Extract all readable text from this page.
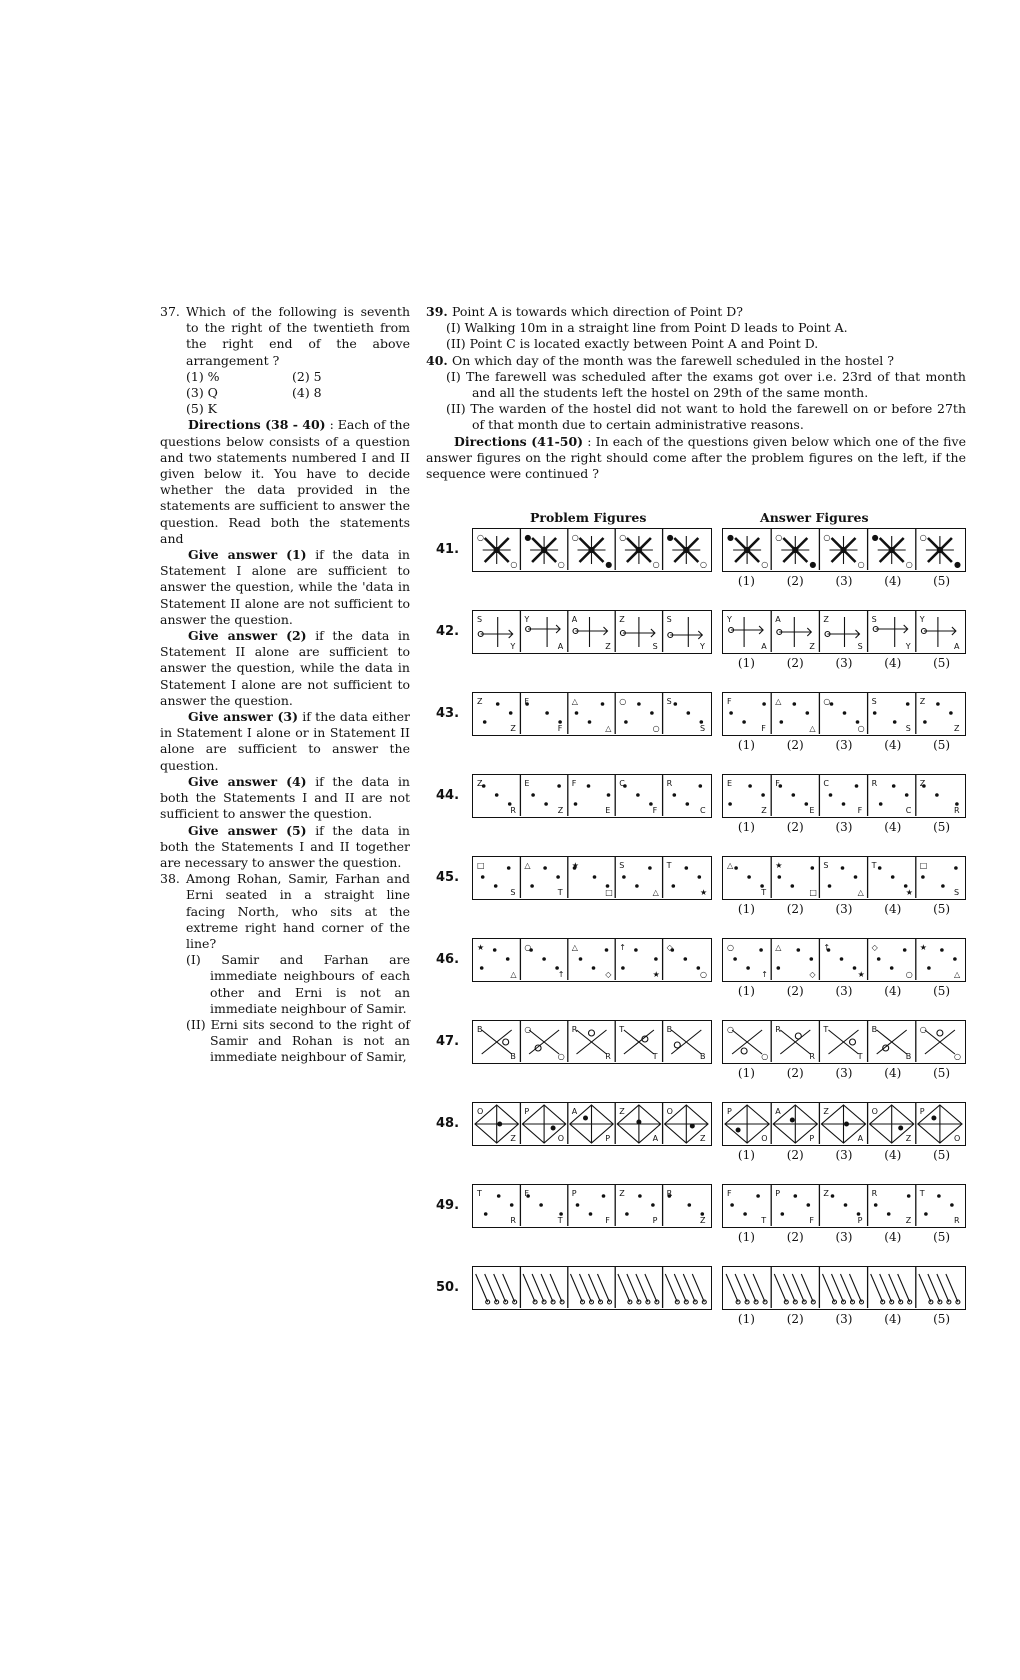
37. Which of the following is seventh to the right of the twentieth from the right end of the above arrangement ?
(1) %	(2) 5
(3) Q	(4) 8
(5) K
Directions (38 - 40) : Each of the questions below consists of a question and two statements numbered I and II given below it. You have to decide whether the data provided in the statements are sufficient to answer the question. Read both the statements and
Give answer (1) if the data in Statement I alone are sufficient to answer the question, while the 'data in Statement II alone are not sufficient to answer the question.
Give answer (2) if the data in Statement II alone are sufficient to answer the question, while the data in Statement I alone are not sufficient to answer the question.
Give answer (3) if the data either in Statement I alone or in Statement II alone are sufficient to answer the question.
Give answer (4) if the data in both the Statements I and II are not sufficient to answer the question.
Give answer (5) if the data in both the Statements I and II together are necessary to answer the question.
38. Among Rohan, Samir, Farhan and Erni seated in a straight line facing North, who sits at the extreme right hand corner of the line?
(I) Samir and Farhan are immediate neighbours of each other and Erni is not an immediate neighbour of Samir.
(II) Erni sits second to the right of Samir and Rohan is not an immediate neighbour of Samir,
39. Point A is towards which direction of Point D?
(I) Walking 10m in a straight line from Point D leads to Point A.
(II) Point C is located exactly between Point A and Point D.
40. On which day of the month was the farewell scheduled in the hostel ?
(I) The farewell was scheduled after the exams got over i.e. 23rd of that month and all the students left the hostel on 29th of the same month.
(II) The warden of the hostel did not want to hold the farewell on or before 27th of that month due to certain administrative reasons.
Directions (41-50) : In each of the questions given below which one of the five answer figures on the right should come after the problem figures on the left, if the sequence were continued ?
Problem Figures	Answer Figures
41.
○
○
●
○
○
●
○
○
●
○
●
○
○
●
○
○
●
○
○
●
(1)	(2)	(3)	(4)	(5)
42.
S
Y
Y
A
A
Z
Z
S
S
Y
Y
A
A
Z
Z
S
S
Y
Y
A
(1)	(2)	(3)	(4)	(5)
43.
Z
Z
F
F
△
△
○
○
S
S
F
F
△
△
○
○
S
S
Z
Z
(1)	(2)	(3)	(4)	(5)
44.
Z
R
E
Z
F
E
C
F
R
C
E
Z
F
E
C
F
R
C
Z
R
(1)	(2)	(3)	(4)	(5)
45.
□
S
△
T
★
□
S
△
T
★
△
T
★
□
S
△
T
★
□
S
(1)	(2)	(3)	(4)	(5)
46.
★
△
○
↑
△
◇
↑
★
◇
○
○
↑
△
◇
↑
★
◇
○
★
△
(1)	(2)	(3)	(4)	(5)
47.
B
B
○
○
R
R
T
T
B
B
○
○
R
R
T
T
B
B
○
○
(1)	(2)	(3)	(4)	(5)
48.
O
Z
P
O
A
P
Z
A
O
Z
P
O
A
P
Z
A
O
Z
P
O
(1)	(2)	(3)	(4)	(5)
49.
T
R
F
T
P
F
Z
P
R
Z
F
T
P
F
Z
P
R
Z
T
R
(1)	(2)	(3)	(4)	(5)
50.
(1)	(2)	(3)	(4)	(5)
